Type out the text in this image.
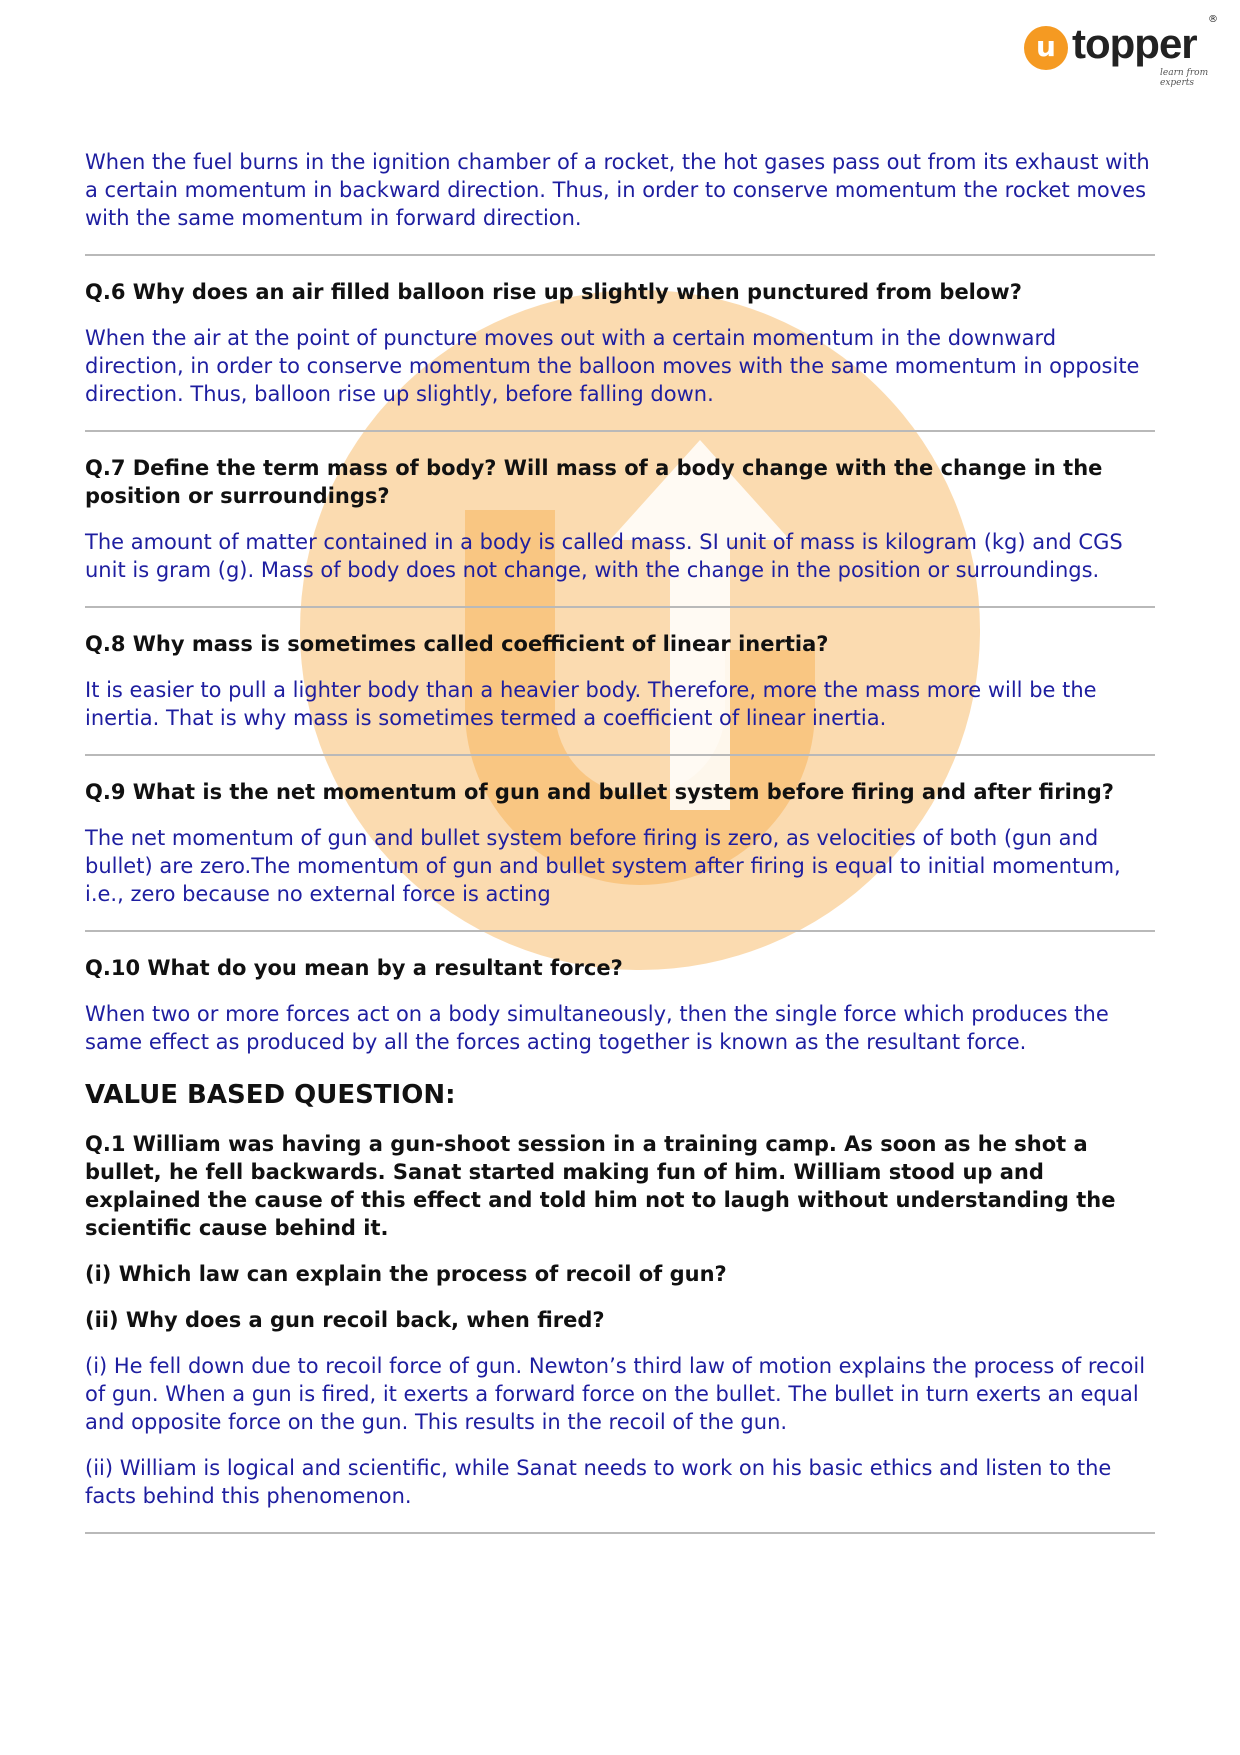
u topper
®
learn from experts

When the fuel burns in the ignition chamber of a rocket, the hot gases pass out from its exhaust with a certain momentum in backward direction. Thus, in order to conserve momentum the rocket moves with the same momentum in forward direction.

Q.6 Why does an air filled balloon rise up slightly when punctured from below?

When the air at the point of puncture moves out with a certain momentum in the downward direction, in order to conserve momentum the balloon moves with the same momentum in opposite direction. Thus, balloon rise up slightly, before falling down.

Q.7 Define the term mass of body? Will mass of a body change with the change in the position or surroundings?

The amount of matter contained in a body is called mass. SI unit of mass is kilogram (kg) and CGS unit is gram (g). Mass of body does not change, with the change in the position or surroundings.

Q.8 Why mass is sometimes called coefficient of linear inertia?

It is easier to pull a lighter body than a heavier body. Therefore, more the mass more will be the inertia. That is why mass is sometimes termed a coefficient of linear inertia.

Q.9 What is the net momentum of gun and bullet system before firing and after firing?

The net momentum of gun and bullet system before firing is zero, as velocities of both (gun and bullet) are zero.The momentum of gun and bullet system after firing is equal to initial momentum, i.e., zero because no external force is acting

Q.10 What do you mean by a resultant force?

When two or more forces act on a body simultaneously, then the single force which produces the same effect as produced by all the forces acting together is known as the resultant force.

VALUE BASED QUESTION:

Q.1 William was having a gun-shoot session in a training camp. As soon as he shot a bullet, he fell backwards. Sanat started making fun of him. William stood up and explained the cause of this effect and told him not to laugh without understanding the scientific cause behind it.

(i) Which law can explain the process of recoil of gun?

(ii) Why does a gun recoil back, when fired?

(i) He fell down due to recoil force of gun. Newton’s third law of motion explains the process of recoil of gun. When a gun is fired, it exerts a forward force on the bullet. The bullet in turn exerts an equal and opposite force on the gun. This results in the recoil of the gun.

(ii) William is logical and scientific, while Sanat needs to work on his basic ethics and listen to the facts behind this phenomenon.
